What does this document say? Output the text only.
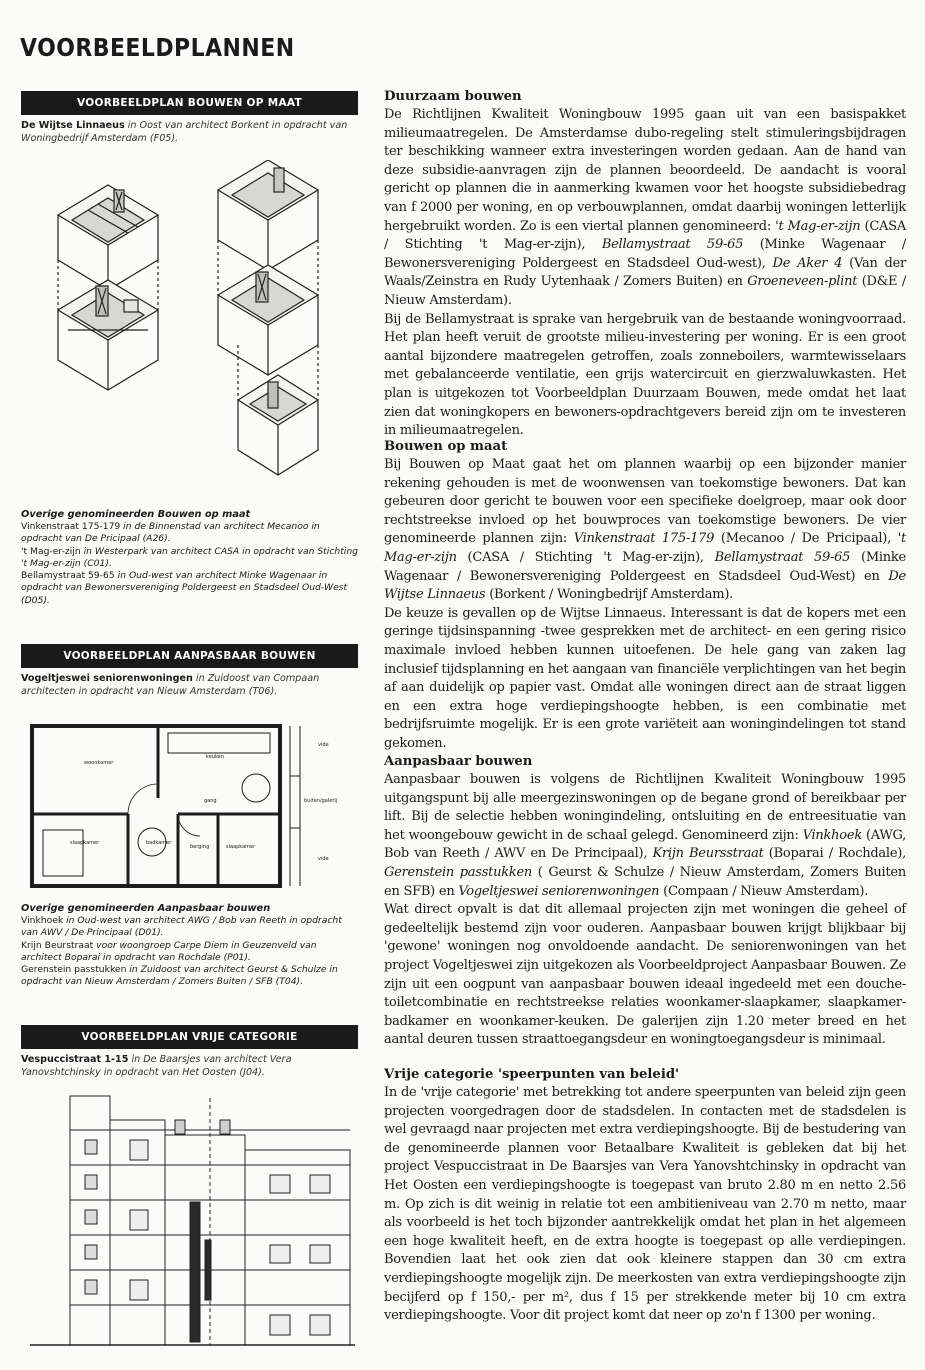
VOORBEELDPLANNEN
VOORBEELDPLAN BOUWEN OP MAAT
De Wijtse Linnaeus in Oost van architect Borkent in opdracht van Woningbedrijf Amsterdam (F05).
Overige genomineerden Bouwen op maat
Vinkenstraat 175-179 in de Binnenstad van architect Mecanoo in opdracht van De Pricipaal (A26).
't Mag-er-zijn in Westerpark van architect CASA in opdracht van Stichting 't Mag-er-zijn (C01).
Bellamystraat 59-65 in Oud-west van architect Minke Wagenaar in opdracht van Bewonersvereniging Poldergeest en Stadsdeel Oud-West (D05).
VOORBEELDPLAN AANPASBAAR BOUWEN
Vogeltjeswei seniorenwoningen in Zuidoost van Compaan architecten in opdracht van Nieuw Amsterdam (T06).
woonkamer
keuken
gang
badkamer
berging	slaapkamer
slaapkamer
vide
vide
buiten/galerij
Overige genomineerden Aanpasbaar bouwen
Vinkhoek in Oud-west van architect AWG / Bob van Reeth in opdracht van AWV / De Principaal (D01).
Krijn Beurstraat voor woongroep Carpe Diem in Geuzenveld van architect Boparai in opdracht van Rochdale (P01).
Gerenstein passtukken in Zuidoost van architect Geurst & Schulze in opdracht van Nieuw Amsterdam / Zomers Buiten / SFB (T04).
VOORBEELDPLAN VRIJE CATEGORIE
Vespuccistraat 1-15 in De Baarsjes van architect Vera Yanovshtchinsky in opdracht van Het Oosten (J04).
Duurzaam bouwen

De Richtlijnen Kwaliteit Woningbouw 1995 gaan uit van een basispakket milieumaatregelen. De Amsterdamse dubo-regeling stelt stimuleringsbijdragen ter beschikking wanneer extra investeringen worden gedaan. Aan de hand van deze subsidie-aanvragen zijn de plannen beoordeeld. De aandacht is vooral gericht op plannen die in aanmerking kwamen voor het hoogste subsidiebedrag van f 2000 per woning, en op verbouwplannen, omdat daarbij woningen letterlijk hergebruikt worden. Zo is een viertal plannen genomineerd: 't Mag-er-zijn (CASA / Stichting 't Mag-er-zijn), Bellamystraat 59-65 (Minke Wagenaar / Bewonersvereniging Poldergeest en Stadsdeel Oud-west), De Aker 4 (Van der Waals/Zeinstra en Rudy Uytenhaak / Zomers Buiten) en Groeneveen-plint (D&E / Nieuw Amsterdam).

Bij de Bellamystraat is sprake van hergebruik van de bestaande woningvoorraad. Het plan heeft veruit de grootste milieu-investering per woning. Er is een groot aantal bijzondere maatregelen getroffen, zoals zonneboilers, warmtewisselaars met gebalanceerde ventilatie, een grijs watercircuit en gierzwaluwkasten. Het plan is uitgekozen tot Voorbeeldplan Duurzaam Bouwen, mede omdat het laat zien dat woningkopers en bewoners-opdrachtgevers bereid zijn om te investeren in milieumaatregelen.

Bouwen op maat

Bij Bouwen op Maat gaat het om plannen waarbij op een bijzonder manier rekening gehouden is met de woonwensen van toekomstige bewoners. Dat kan gebeuren door gericht te bouwen voor een specifieke doelgroep, maar ook door rechtstreekse invloed op het bouwproces van toekomstige bewoners. De vier genomineerde plannen zijn: Vinkenstraat 175-179 (Mecanoo / De Pricipaal), 't Mag-er-zijn (CASA / Stichting 't Mag-er-zijn), Bellamystraat 59-65 (Minke Wagenaar / Bewonersvereniging Poldergeest en Stadsdeel Oud-West) en De Wijtse Linnaeus (Borkent / Woningbedrijf Amsterdam).

De keuze is gevallen op de Wijtse Linnaeus. Interessant is dat de kopers met een geringe tijdsinspanning -twee gesprekken met de architect- en een gering risico maximale invloed hebben kunnen uitoefenen. De hele gang van zaken lag inclusief tijdsplanning en het aangaan van financiële verplichtingen van het begin af aan duidelijk op papier vast. Omdat alle woningen direct aan de straat liggen en een extra hoge verdiepingshoogte hebben, is een combinatie met bedrijfsruimte mogelijk. Er is een grote variëteit aan woningindelingen tot stand gekomen.

Aanpasbaar bouwen

Aanpasbaar bouwen is volgens de Richtlijnen Kwaliteit Woningbouw 1995 uitgangspunt bij alle meergezinswoningen op de begane grond of bereikbaar per lift. Bij de selectie hebben woningindeling, ontsluiting en de entreesituatie van het woongebouw gewicht in de schaal gelegd. Genomineerd zijn: Vinkhoek (AWG, Bob van Reeth / AWV en De Principaal), Krijn Beursstraat (Boparai / Rochdale), Gerenstein passtukken ( Geurst & Schulze / Nieuw Amsterdam, Zomers Buiten en SFB) en Vogeltjeswei seniorenwoningen (Compaan / Nieuw Amsterdam).

Wat direct opvalt is dat dit allemaal projecten zijn met woningen die geheel of gedeeltelijk bestemd zijn voor ouderen. Aanpasbaar bouwen krijgt blijkbaar bij 'gewone' woningen nog onvoldoende aandacht. De seniorenwoningen van het project Vogeltjeswei zijn uitgekozen als Voorbeeldproject Aanpasbaar Bouwen. Ze zijn uit een oogpunt van aanpasbaar bouwen ideaal ingedeeld met een douche-toiletcombinatie en rechtstreekse relaties woonkamer-slaapkamer, slaapkamer-badkamer en woonkamer-keuken. De galerijen zijn 1.20 meter breed en het aantal deuren tussen straattoegangsdeur en woningtoegangsdeur is minimaal.

Vrije categorie 'speerpunten van beleid'

In de 'vrije categorie' met betrekking tot andere speerpunten van beleid zijn geen projecten voorgedragen door de stadsdelen. In contacten met de stadsdelen is wel gevraagd naar projecten met extra verdiepingshoogte. Bij de bestudering van de genomineerde plannen voor Betaalbare Kwaliteit is gebleken dat bij het project Vespuccistraat in De Baarsjes van Vera Yanovshtchinsky in opdracht van Het Oosten een verdiepingshoogte is toegepast van bruto 2.80 m en netto 2.56 m. Op zich is dit weinig in relatie tot een ambitieniveau van 2.70 m netto, maar als voorbeeld is het toch bijzonder aantrekkelijk omdat het plan in het algemeen een hoge kwaliteit heeft, en de extra hoogte is toegepast op alle verdiepingen. Bovendien laat het ook zien dat ook kleinere stappen dan 30 cm extra verdiepingshoogte mogelijk zijn. De meerkosten van extra verdiepingshoogte zijn becijferd op f 150,- per m², dus f 15 per strekkende meter bij 10 cm extra verdiepingshoogte. Voor dit project komt dat neer op zo'n f 1300 per woning.
